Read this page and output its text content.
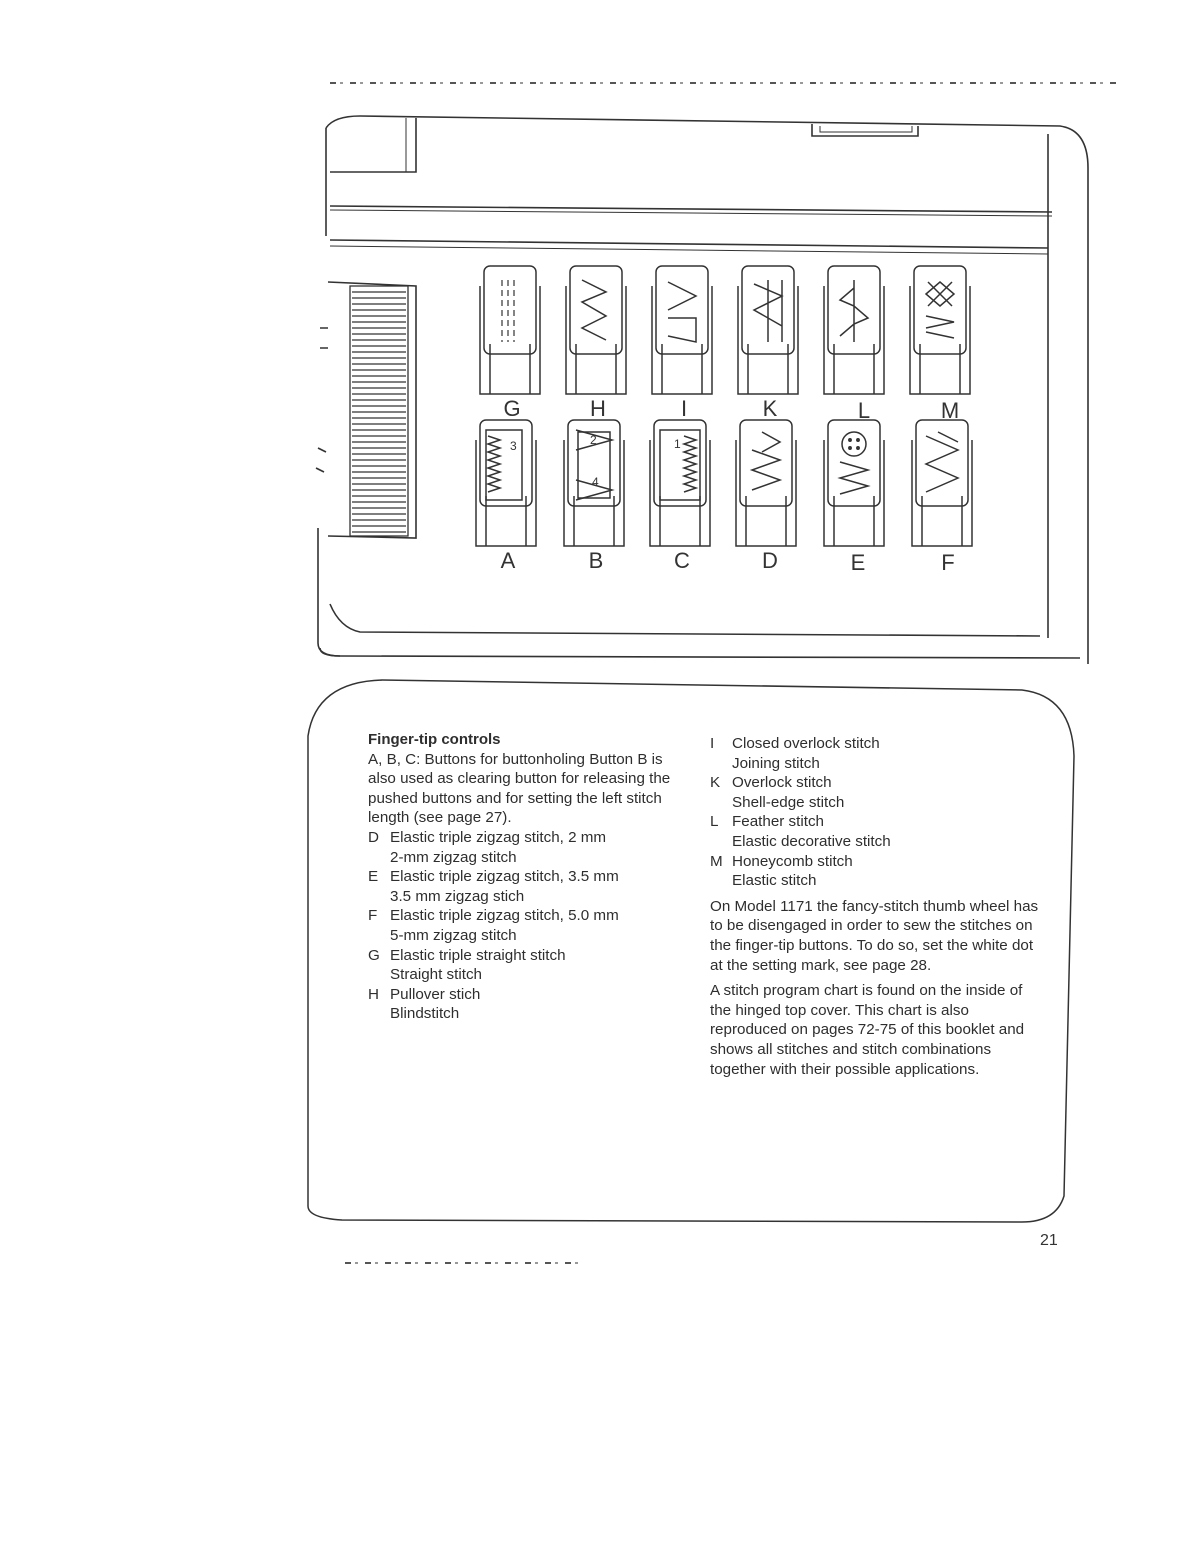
3	2
4
1
G	H	I	K	L	M
A	B	C	D	E	F

Finger-tip controls

A, B, C: Buttons for buttonholing Button B is also used as clearing button for releasing the pushed buttons and for setting the left stitch length (see page 27).

D Elastic triple zigzag stitch, 2 mm
2-mm zigzag stitch
E Elastic triple zigzag stitch, 3.5 mm
3.5 mm zigzag stich
F Elastic triple zigzag stitch, 5.0 mm
5-mm zigzag stitch
G Elastic triple straight stitch
Straight stitch
H Pullover stich
Blindstitch
I	Closed overlock stitch
Joining stitch
K Overlock stitch
Shell-edge stitch
L Feather stitch
Elastic decorative stitch
M Honeycomb stitch
Elastic stitch

On Model 1171 the fancy-stitch thumb wheel has to be disengaged in order to sew the stitches on the finger-tip buttons. To do so, set the white dot at the setting mark, see page 28.

A stitch program chart is found on the inside of the hinged top cover. This chart is also reproduced on pages 72-75 of this booklet and shows all stitches and stitch combinations together with their possible applications.

21
